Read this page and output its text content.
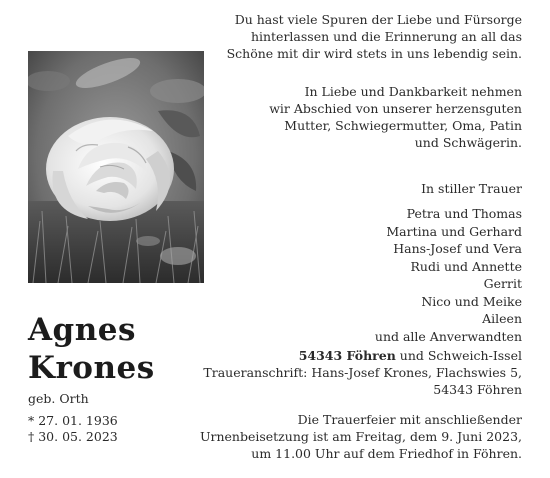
Agnes
Krones
geb. Orth
* 27. 01. 1936
† 30. 05. 2023
Du hast viele Spuren der Liebe und Fürsorge
hinterlassen und die Erinnerung an all das
Schöne mit dir wird stets in uns lebendig sein.
In Liebe und Dankbarkeit nehmen
wir Abschied von unserer herzensguten
Mutter, Schwiegermutter, Oma, Patin
und Schwägerin.
In stiller Trauer
Petra und Thomas
Martina und Gerhard
Hans-Josef und Vera
Rudi und Annette
Gerrit
Nico und Meike
Aileen
und alle Anverwandten
54343 Föhren und Schweich-Issel
Traueranschrift: Hans-Josef Krones, Flachswies 5,
54343 Föhren
Die Trauerfeier mit anschließender
Urnenbeisetzung ist am Freitag, dem 9. Juni 2023,
um 11.00 Uhr auf dem Friedhof in Föhren.
